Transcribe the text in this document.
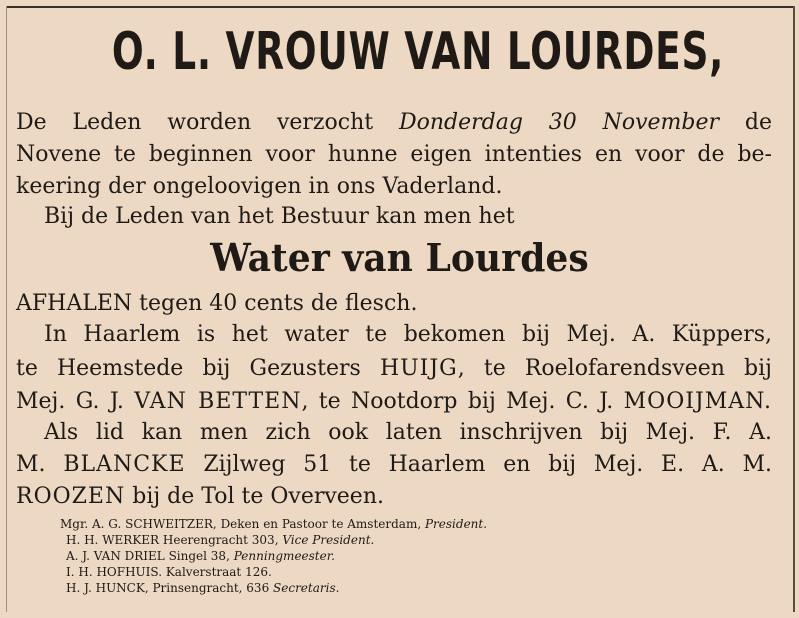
O. L. VROUW VAN LOURDES,
De Leden worden verzocht Donderdag 30 November de
Novene te beginnen voor hunne eigen intenties en voor de be-
keering der ongeloovigen in ons Vaderland.
Bij de Leden van het Bestuur kan men het
Water van Lourdes
AFHALEN tegen 40 cents de flesch.
In Haarlem is het water te bekomen bij Mej. A. Küppers,
te Heemstede bij Gezusters HUIJG, te Roelofarendsveen bij
Mej. G. J. VAN BETTEN, te Nootdorp bij Mej. C. J. MOOIJMAN.
Als lid kan men zich ook laten inschrijven bij Mej. F. A.
M. BLANCKE Zijlweg 51 te Haarlem en bij Mej. E. A. M.
ROOZEN bij de Tol te Overveen.
Mgr. A. G. SCHWEITZER, Deken en Pastoor te Amsterdam, President.
H. H. WERKER Heerengracht 303, Vice President.
A. J. VAN DRIEL Singel 38, Penningmeester.
I. H. HOFHUIS. Kalverstraat 126.
H. J. HUNCK, Prinsengracht, 636 Secretaris.
